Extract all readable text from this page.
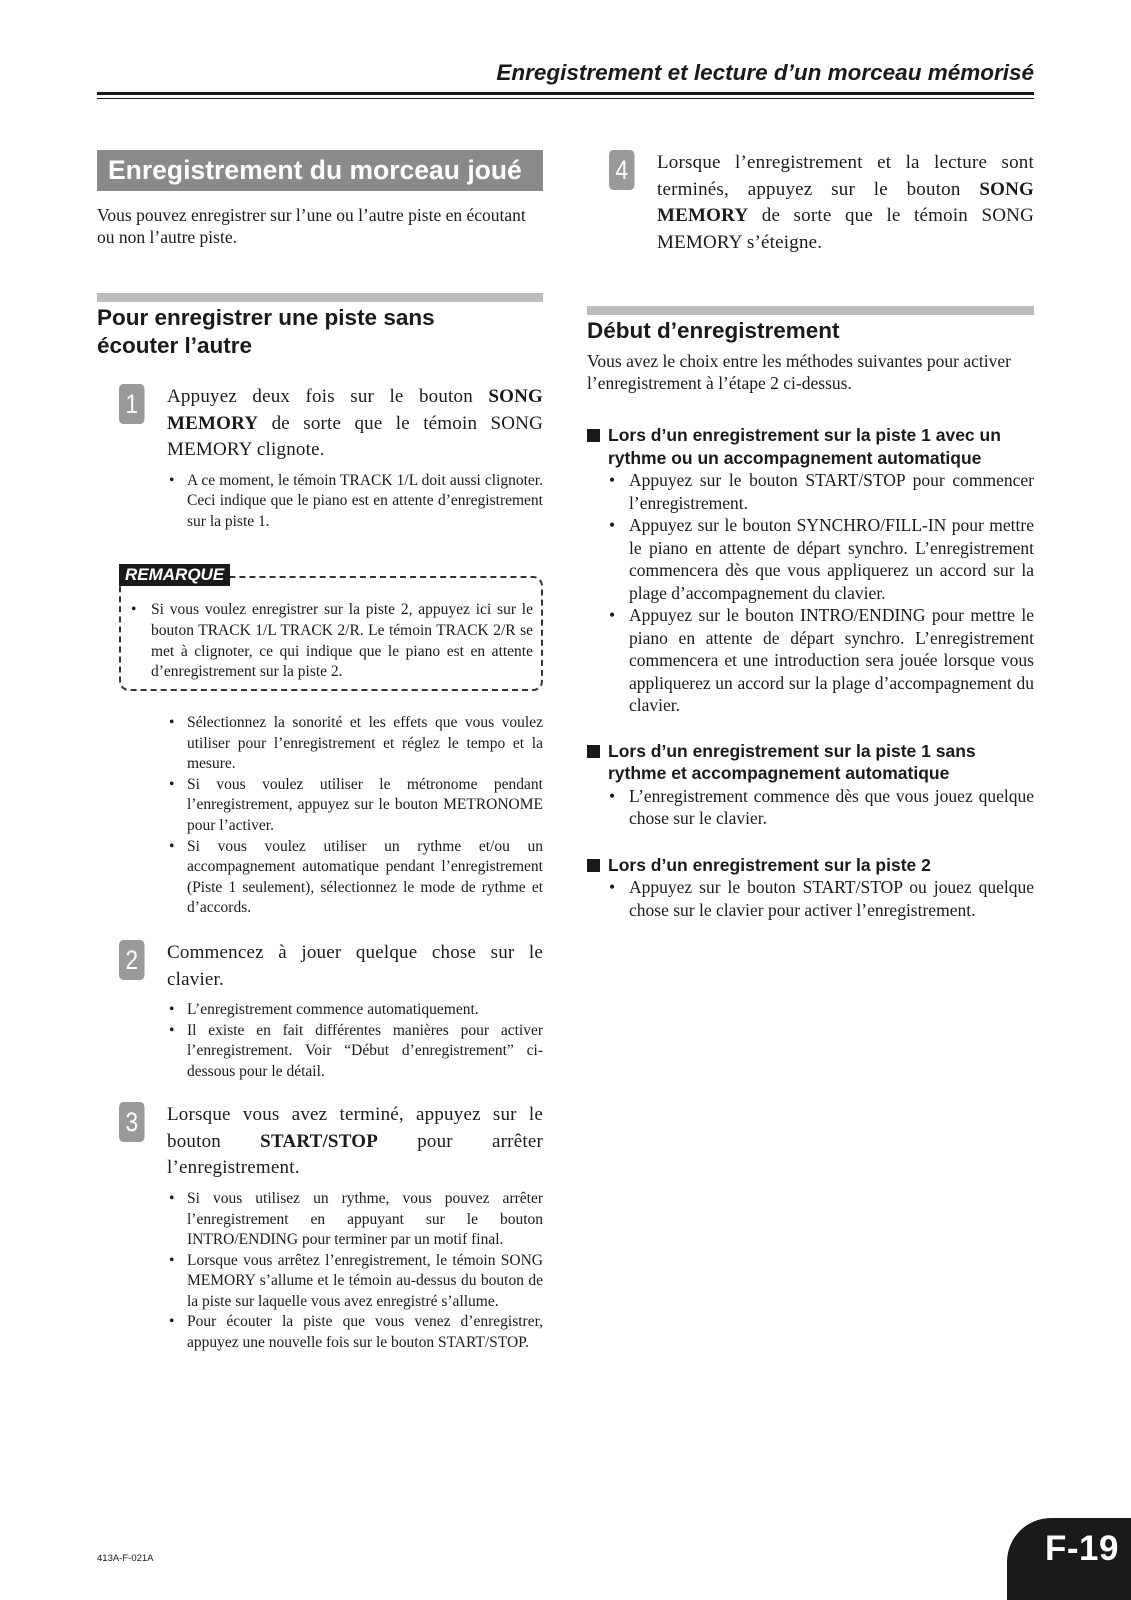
Enregistrement et lecture d’un morceau mémorisé
Enregistrement du morceau joué

Vous pouvez enregistrer sur l’une ou l’autre piste en écoutant ou non l’autre piste.

Pour enregistrer une piste sans
écouter l’autre
1	Appuyez deux fois sur le bouton SONG MEMORY de sorte que le témoin SONG MEMORY clignote.
• A ce moment, le témoin TRACK 1/L doit aussi clignoter. Ceci indique que le piano est en attente d’enregistrement sur la piste 1.
REMARQUE

• Si vous voulez enregistrer sur la piste 2, appuyez ici sur le bouton TRACK 1/L TRACK 2/R. Le témoin TRACK 2/R se met à clignoter, ce qui indique que le piano est en attente d’enregistrement sur la piste 2.

• Sélectionnez la sonorité et les effets que vous voulez utiliser pour l’enregistrement et réglez le tempo et la mesure.
• Si vous voulez utiliser le métronome pendant l’enregistrement, appuyez sur le bouton METRONOME pour l’activer.
• Si vous voulez utiliser un rythme et/ou un accompagnement automatique pendant l’enregistrement (Piste 1 seulement), sélectionnez le mode de rythme et d’accords.
2	Commencez à jouer quelque chose sur le clavier.
• L’enregistrement commence automatiquement.
• Il existe en fait différentes manières pour activer l’enregistrement. Voir “Début d’enregistrement” ci-dessous pour le détail.
3	Lorsque vous avez terminé, appuyez sur le bouton START/STOP pour arrêter l’enregistrement.
• Si vous utilisez un rythme, vous pouvez arrêter l’enregistrement en appuyant sur le bouton INTRO/ENDING pour terminer par un motif final.
• Lorsque vous arrêtez l’enregistrement, le témoin SONG MEMORY s’allume et le témoin au-dessus du bouton de la piste sur laquelle vous avez enregistré s’allume.
• Pour écouter la piste que vous venez d’enregistrer, appuyez une nouvelle fois sur le bouton START/STOP.
4	Lorsque l’enregistrement et la lecture sont terminés, appuyez sur le bouton SONG MEMORY de sorte que le témoin SONG MEMORY s’éteigne.
Début d’enregistrement

Vous avez le choix entre les méthodes suivantes pour activer l’enregistrement à l’étape 2 ci-dessus.

Lors d’un enregistrement sur la piste 1 avec un rythme ou un accompagnement automatique
• Appuyez sur le bouton START/STOP pour commencer l’enregistrement.
• Appuyez sur le bouton SYNCHRO/FILL-IN pour mettre le piano en attente de départ synchro. L’enregistrement commencera dès que vous appliquerez un accord sur la plage d’accompagnement du clavier.
• Appuyez sur le bouton INTRO/ENDING pour mettre le piano en attente de départ synchro. L’enregistrement commencera et une introduction sera jouée lorsque vous appliquerez un accord sur la plage d’accompagnement du clavier.
Lors d’un enregistrement sur la piste 1 sans rythme et accompagnement automatique
• L’enregistrement commence dès que vous jouez quelque chose sur le clavier.
Lors d’un enregistrement sur la piste 2
• Appuyez sur le bouton START/STOP ou jouez quelque chose sur le clavier pour activer l’enregistrement.
413A-F-021A	F-19
